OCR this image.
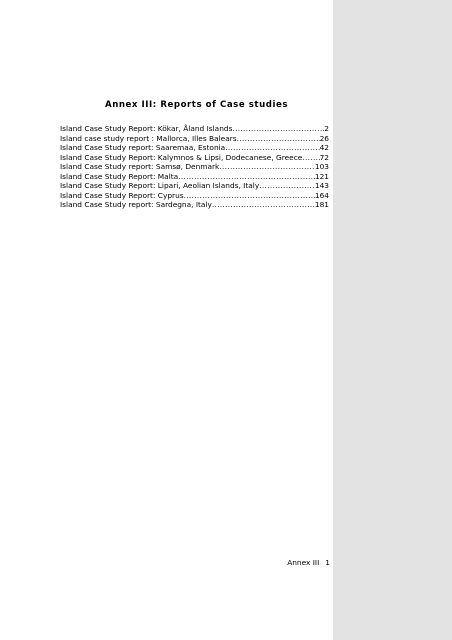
Annex III: Reports of Case studies
Island Case Study Report: Kökar, Åland Islands .....	2
Island case study report : Mallorca, Illes Balears .....	26
Island Case Study report: Saaremaa, Estonia .....	42
Island Case Study Report: Kalymnos & Lipsi, Dodecanese, Greece ..... 72
Island Case Study report: Samsø, Denmark .....	103
Island Case Study Report: Malta .....	121
Island Case Study Report: Lipari, Aeolian Islands, Italy .....	143
Island Case Study Report: Cyprus .....	164
Island Case Study report: Sardegna, Italy .....	181
Annex III 1
